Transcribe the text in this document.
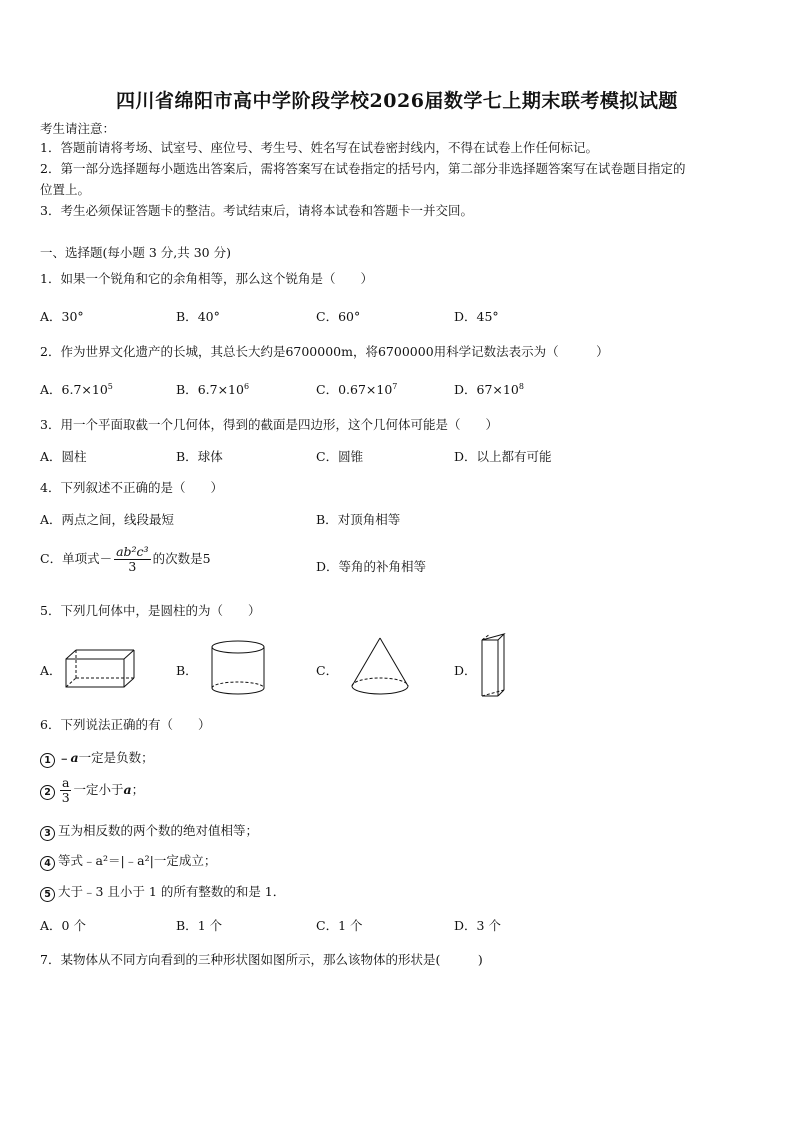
四川省绵阳市高中学阶段学校2026届数学七上期末联考模拟试题
考生请注意：
1．答题前请将考场、试室号、座位号、考生号、姓名写在试卷密封线内，不得在试卷上作任何标记。
2．第一部分选择题每小题选出答案后，需将答案写在试卷指定的括号内，第二部分非选择题答案写在试卷题目指定的
位置上。
3．考生必须保证答题卡的整洁。考试结束后，请将本试卷和答题卡一并交回。
一、选择题(每小题 3 分,共 30 分)
1．如果一个锐角和它的余角相等，那么这个锐角是（　　）
A．30°	B．40°	C．60°	D．45°
2．作为世界文化遗产的长城，其总长大约是6700000m，将6700000用科学记数法表示为（　　　）
A．$6.7\times 10^5$	B．$6.7\times 10^6$	C．$0.67\times 10^7$	D．$67\times 10^8$
3．用一个平面取截一个几何体，得到的截面是四边形，这个几何体可能是（　　）
A．圆柱	B．球体	C．圆锥	D．以上都有可能
4．下列叙述不正确的是（　　）
A．两点之间，线段最短	B．对顶角相等
C．单项式－ $\frac{\text{ab²c³}}{3}$ 的次数是5
D．等角的补角相等
5．下列几何体中，是圆柱的为（　　）
A．	B．	C．	D．
6．下列说法正确的有（　　）
1 ﹣a一定是负数；
$2 \frac{a}{3}$ 一定小于a；
3 互为相反数的两个数的绝对值相等；
4 等式﹣a²＝|﹣a²|一定成立；
5 大于﹣3 且小于 1 的所有整数的和是 1．
A．0 个	B．1 个	C．1 个	D．3 个
7．某物体从不同方向看到的三种形状图如图所示，那么该物体的形状是(　　　)
